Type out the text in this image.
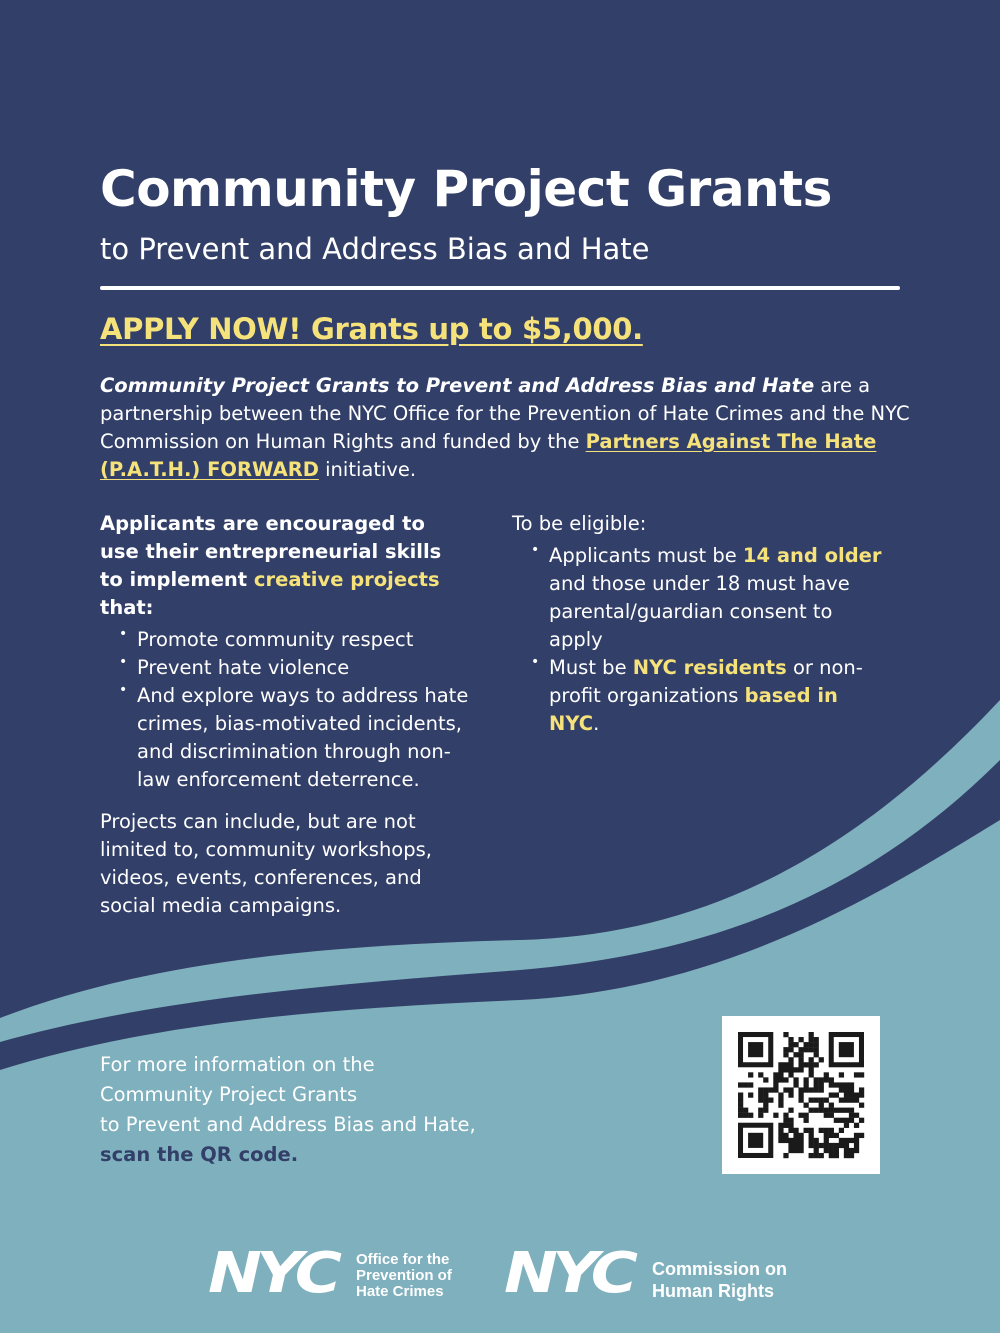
Community Project Grants
to Prevent and Address Bias and Hate
APPLY NOW! Grants up to $5,000.
Community Project Grants to Prevent and Address Bias and Hate are a partnership between the NYC Office for the Prevention of Hate Crimes and the NYC Commission on Human Rights and funded by the Partners Against The Hate (P.A.T.H.) FORWARD initiative.
Applicants are encouraged to use their entrepreneurial skills to implement creative projects that:
• Promote community respect
• Prevent hate violence
• And explore ways to address hate crimes, bias-motivated incidents, and discrimination through non-law enforcement deterrence.
Projects can include, but are not limited to, community workshops, videos, events, conferences, and social media campaigns.
To be eligible:
• Applicants must be 14 and older and those under 18 must have parental/guardian consent to apply
• Must be NYC residents or non-profit organizations based in NYC.
For more information on the
Community Project Grants
to Prevent and Address Bias and Hate,
scan the QR code.
NYC Office for the
Prevention of
Hate Crimes NYC Commission on
Human Rights
